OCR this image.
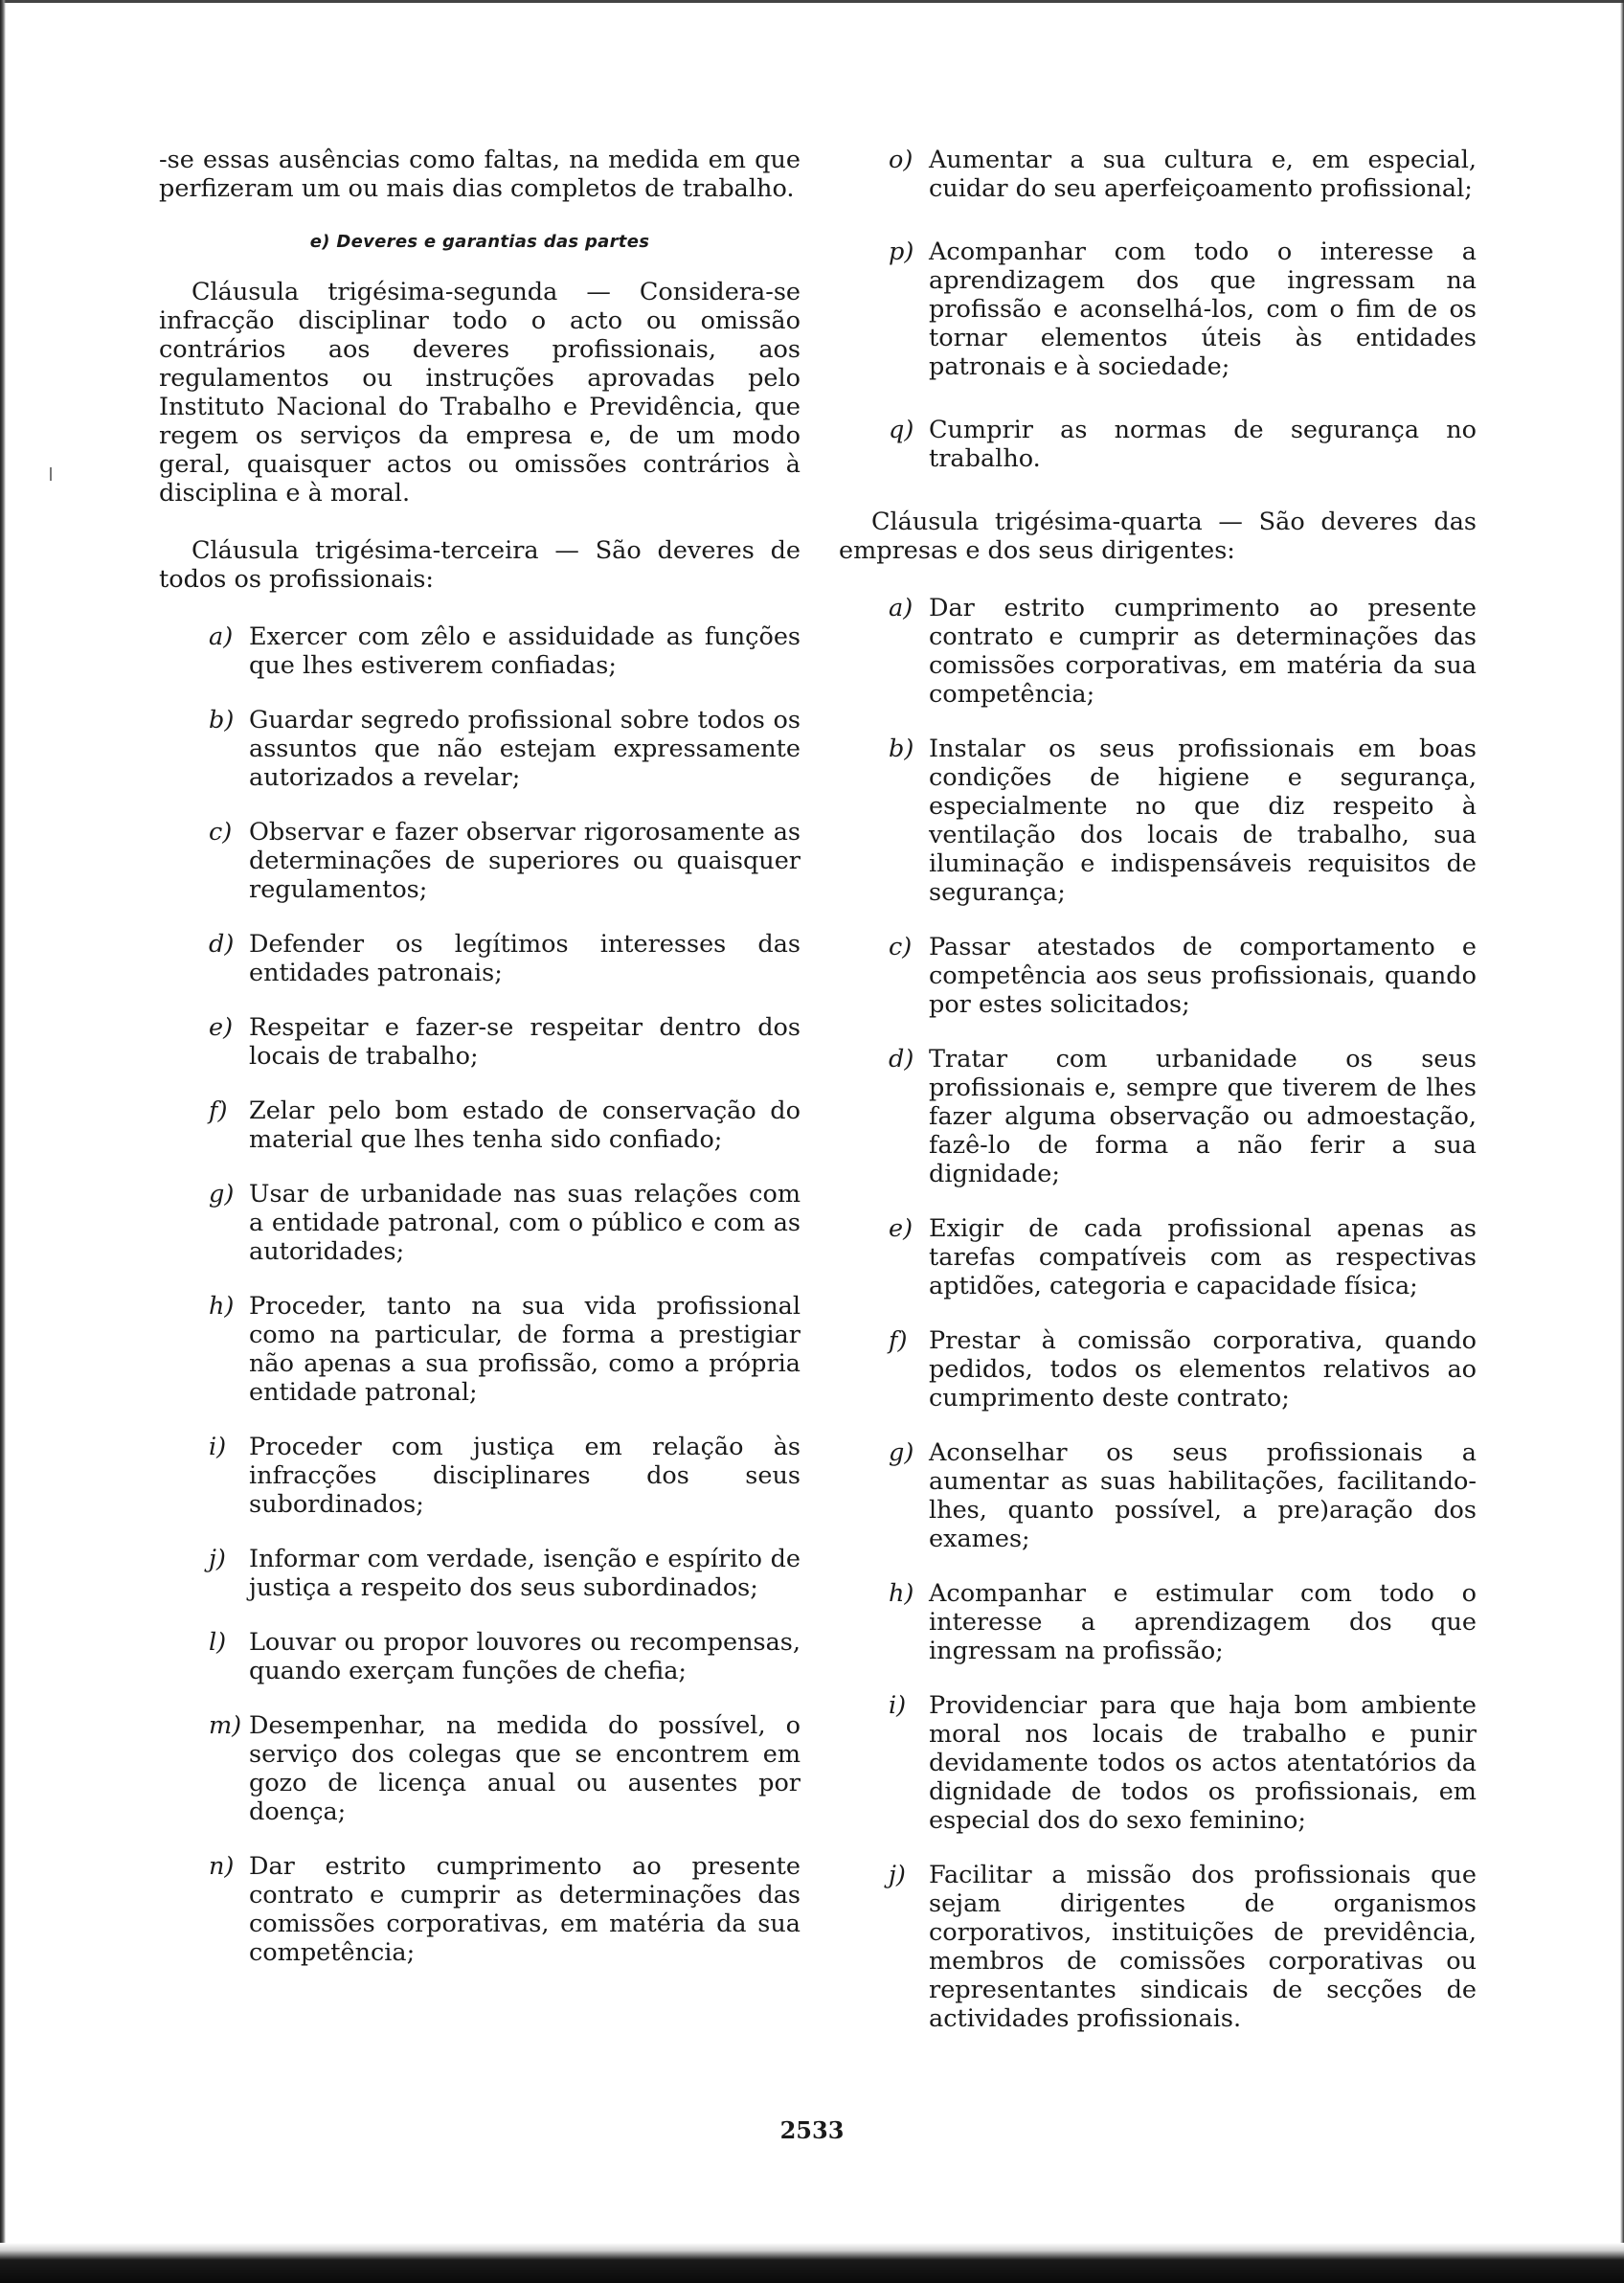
-se essas ausências como faltas, na medida em que perfizeram um ou mais dias completos de trabalho.

e) Deveres e garantias das partes

Cláusula trigésima-segunda — Considera-se infracção disciplinar todo o acto ou omissão contrários aos deveres profissionais, aos regulamentos ou instruções aprovadas pelo Instituto Nacional do Trabalho e Previdência, que regem os serviços da empresa e, de um modo geral, quaisquer actos ou omissões contrários à disciplina e à moral.

Cláusula trigésima-terceira — São deveres de todos os profissionais:

a) Exercer com zêlo e assiduidade as funções que lhes estiverem confiadas;
b) Guardar segredo profissional sobre todos os assuntos que não estejam expressamente autorizados a revelar;
c) Observar e fazer observar rigorosamente as determinações de superiores ou quaisquer regulamentos;
d) Defender os legítimos interesses das entidades patronais;
e) Respeitar e fazer-se respeitar dentro dos locais de trabalho;
f) Zelar pelo bom estado de conservação do material que lhes tenha sido confiado;
g) Usar de urbanidade nas suas relações com a entidade patronal, com o público e com as autoridades;
h) Proceder, tanto na sua vida profissional como na particular, de forma a prestigiar não apenas a sua profissão, como a própria entidade patronal;
i) Proceder com justiça em relação às infracções disciplinares dos seus subordinados;
j) Informar com verdade, isenção e espírito de justiça a respeito dos seus subordinados;
l) Louvar ou propor louvores ou recompensas, quando exerçam funções de chefia;
m) Desempenhar, na medida do possível, o serviço dos colegas que se encontrem em gozo de licença anual ou ausentes por doença;
n) Dar estrito cumprimento ao presente contrato e cumprir as determinações das comissões corporativas, em matéria da sua competência;
o) Aumentar a sua cultura e, em especial, cuidar do seu aperfeiçoamento profissional;
p) Acompanhar com todo o interesse a aprendizagem dos que ingressam na profissão e aconselhá-los, com o fim de os tornar elementos úteis às entidades patronais e à sociedade;
q) Cumprir as normas de segurança no trabalho.

Cláusula trigésima-quarta — São deveres das empresas e dos seus dirigentes:

a) Dar estrito cumprimento ao presente contrato e cumprir as determinações das comissões corporativas, em matéria da sua competência;
b) Instalar os seus profissionais em boas condições de higiene e segurança, especialmente no que diz respeito à ventilação dos locais de trabalho, sua iluminação e indispensáveis requisitos de segurança;
c) Passar atestados de comportamento e competência aos seus profissionais, quando por estes solicitados;
d) Tratar com urbanidade os seus profissionais e, sempre que tiverem de lhes fazer alguma observação ou admoestação, fazê-lo de forma a não ferir a sua dignidade;
e) Exigir de cada profissional apenas as tarefas compatíveis com as respectivas aptidões, categoria e capacidade física;
f) Prestar à comissão corporativa, quando pedidos, todos os elementos relativos ao cumprimento deste contrato;
g) Aconselhar os seus profissionais a aumentar as suas habilitações, facilitando-lhes, quanto possível, a pre)aração dos exames;
h) Acompanhar e estimular com todo o interesse a aprendizagem dos que ingressam na profissão;
i) Providenciar para que haja bom ambiente moral nos locais de trabalho e punir devidamente todos os actos atentatórios da dignidade de todos os profissionais, em especial dos do sexo feminino;
j) Facilitar a missão dos profissionais que sejam dirigentes de organismos corporativos, instituições de previdência, membros de comissões corporativas ou representantes sindicais de secções de actividades profissionais.
2533
